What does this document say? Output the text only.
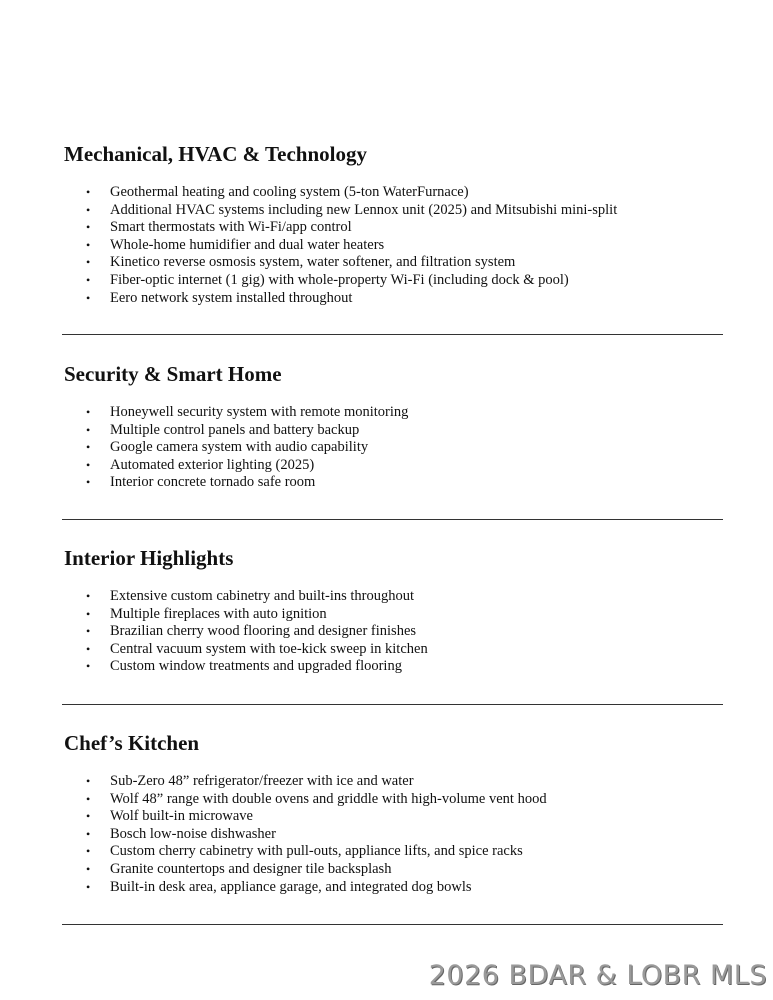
Mechanical, HVAC & Technology
• Geothermal heating and cooling system (5-ton WaterFurnace)
• Additional HVAC systems including new Lennox unit (2025) and Mitsubishi mini-split
• Smart thermostats with Wi-Fi/app control
• Whole-home humidifier and dual water heaters
• Kinetico reverse osmosis system, water softener, and filtration system
• Fiber-optic internet (1 gig) with whole-property Wi-Fi (including dock & pool)
• Eero network system installed throughout
Security & Smart Home
• Honeywell security system with remote monitoring
• Multiple control panels and battery backup
• Google camera system with audio capability
• Automated exterior lighting (2025)
• Interior concrete tornado safe room
Interior Highlights
• Extensive custom cabinetry and built-ins throughout
• Multiple fireplaces with auto ignition
• Brazilian cherry wood flooring and designer finishes
• Central vacuum system with toe-kick sweep in kitchen
• Custom window treatments and upgraded flooring
Chef’s Kitchen
• Sub-Zero 48” refrigerator/freezer with ice and water
• Wolf 48” range with double ovens and griddle with high-volume vent hood
• Wolf built-in microwave
• Bosch low-noise dishwasher
• Custom cherry cabinetry with pull-outs, appliance lifts, and spice racks
• Granite countertops and designer tile backsplash
• Built-in desk area, appliance garage, and integrated dog bowls
2026 BDAR & LOBR MLS
